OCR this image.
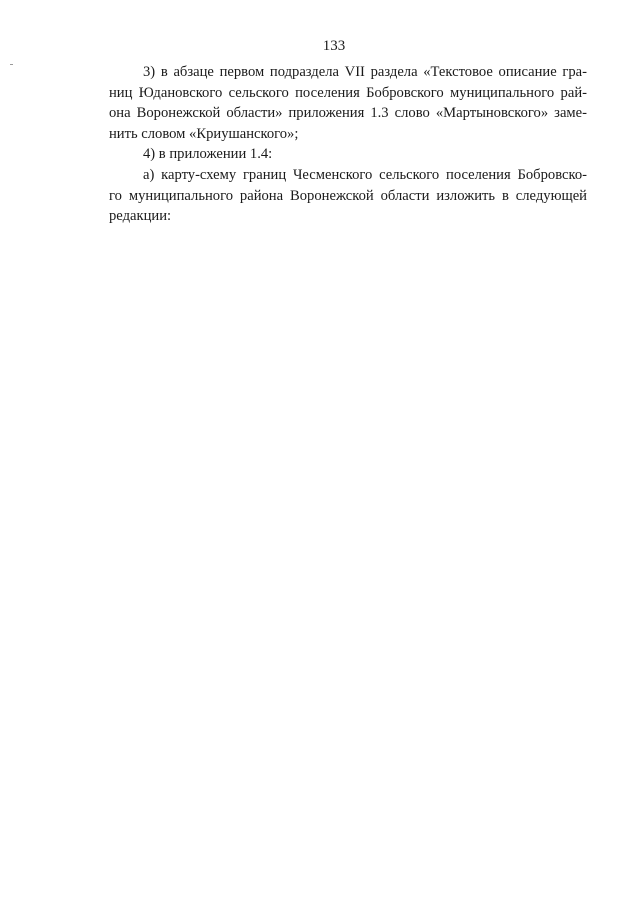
133
3) в абзаце первом подраздела VII раздела «Текстовое описание гра-
ниц Юдановского сельского поселения Бобровского муниципального рай-
она Воронежской области» приложения 1.3 слово «Мартыновского» заме-
нить словом «Криушанского»;
4) в приложении 1.4:
а) карту-схему границ Чесменского сельского поселения Бобровско-
го муниципального района Воронежской области изложить в следующей
редакции:
